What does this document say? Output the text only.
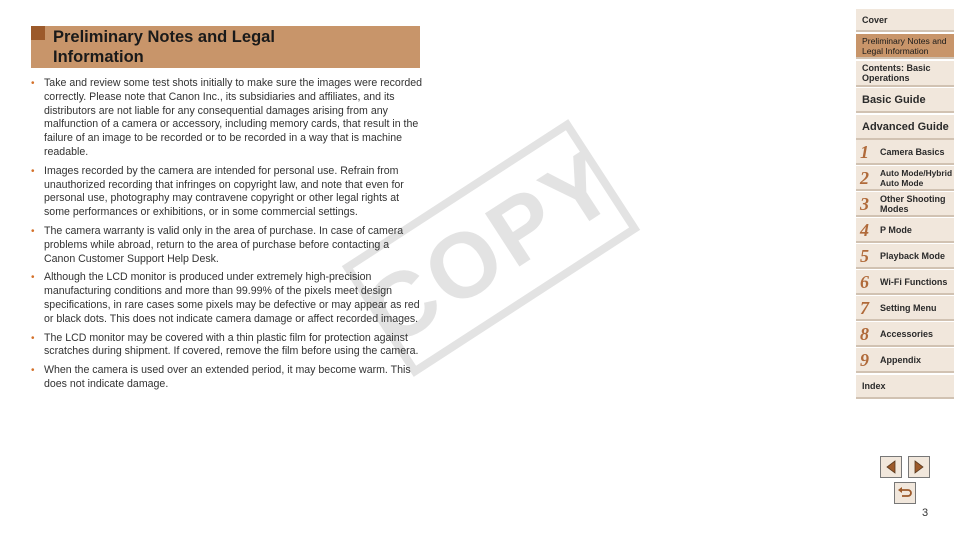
COPY
Preliminary Notes and Legal
Information
• Take and review some test shots initially to make sure the images were recorded correctly. Please note that Canon Inc., its subsidiaries and affiliates, and its distributors are not liable for any consequential damages arising from any malfunction of a camera or accessory, including memory cards, that result in the failure of an image to be recorded or to be recorded in a way that is machine readable.
• Images recorded by the camera are intended for personal use. Refrain from unauthorized recording that infringes on copyright law, and note that even for personal use, photography may contravene copyright or other legal rights at some performances or exhibitions, or in some commercial settings.
• The camera warranty is valid only in the area of purchase. In case of camera problems while abroad, return to the area of purchase before contacting a Canon Customer Support Help Desk.
• Although the LCD monitor is produced under extremely high-precision manufacturing conditions and more than 99.99% of the pixels meet design specifications, in rare cases some pixels may be defective or may appear as red or black dots. This does not indicate camera damage or affect recorded images.
• The LCD monitor may be covered with a thin plastic film for protection against scratches during shipment. If covered, remove the film before using the camera.
• When the camera is used over an extended period, it may become warm. This does not indicate damage.
Cover
Preliminary Notes and
Legal Information
Contents: Basic
Operations
Basic Guide
Advanced Guide
1	Camera Basics
2	Auto Mode/Hybrid
Auto Mode
3	Other Shooting
Modes
4	P Mode
5	Playback Mode
6	Wi-Fi Functions
7	Setting Menu
8	Accessories
9	Appendix
Index
3
